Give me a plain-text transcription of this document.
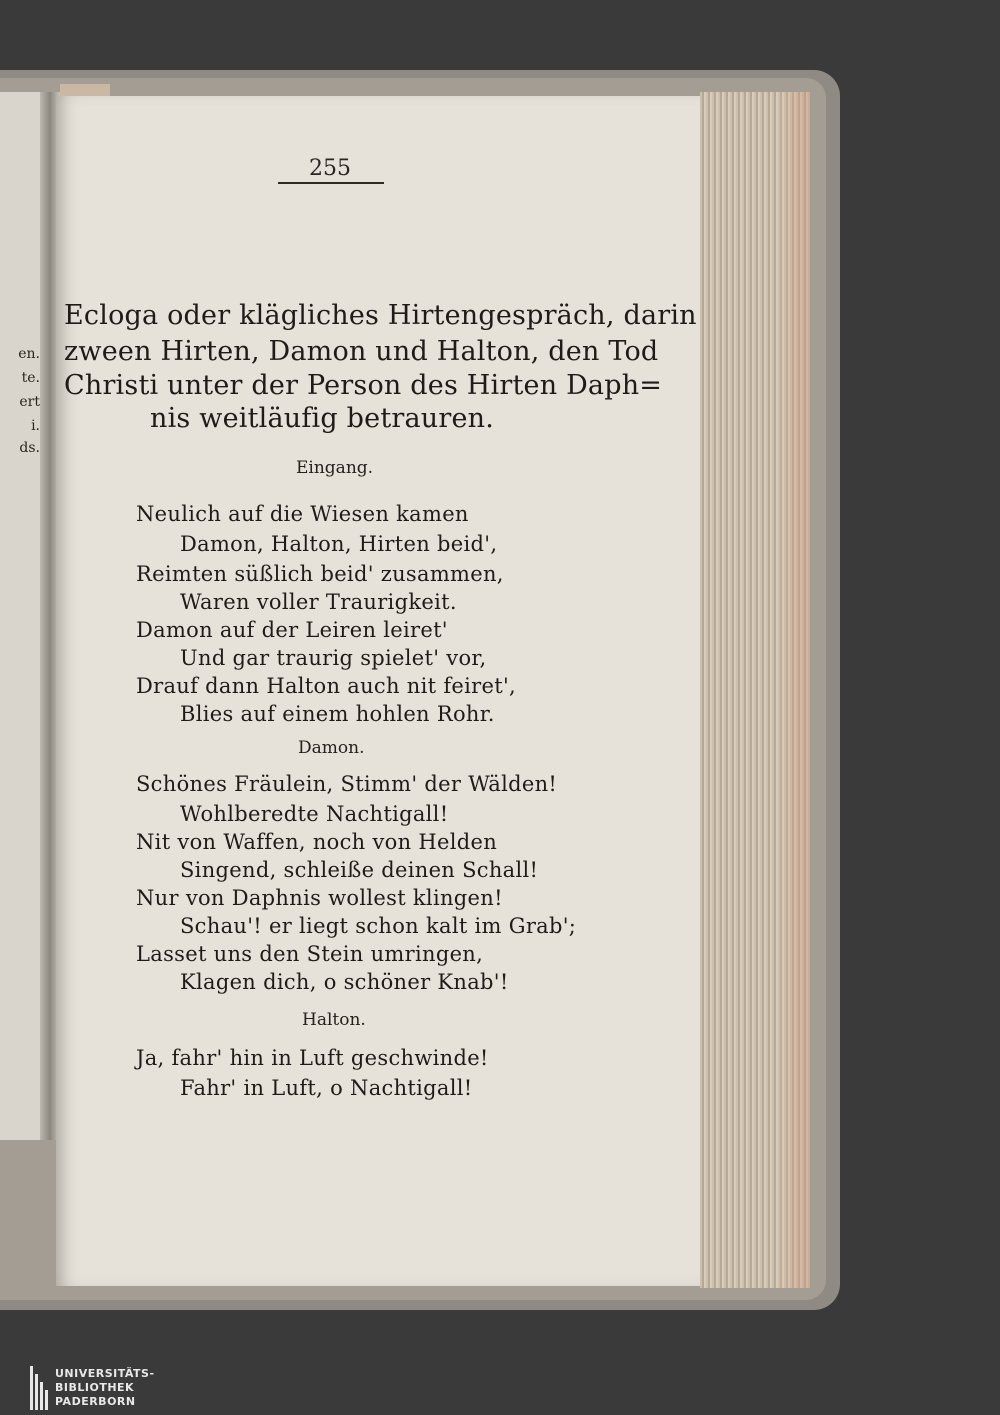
en.
te.
ert
i.
ds.
255
Ecloga oder klägliches Hirtengespräch, darin
zween Hirten, Damon und Halton, den Tod
Christi unter der Person des Hirten Daph=
nis weitläufig betrauren.
Eingang.
Neulich auf die Wiesen kamen
Damon, Halton, Hirten beid',
Reimten süßlich beid' zusammen,
Waren voller Traurigkeit.
Damon auf der Leiren leiret'
Und gar traurig spielet' vor,
Drauf dann Halton auch nit feiret',
Blies auf einem hohlen Rohr.
Damon.
Schönes Fräulein, Stimm' der Wälden!
Wohlberedte Nachtigall!
Nit von Waffen, noch von Helden
Singend, schleiße deinen Schall!
Nur von Daphnis wollest klingen!
Schau'! er liegt schon kalt im Grab';
Lasset uns den Stein umringen,
Klagen dich, o schöner Knab'!
Halton.
Ja, fahr' hin in Luft geschwinde!
Fahr' in Luft, o Nachtigall!
UNIVERSITÄTS-
BIBLIOTHEK
PADERBORN
